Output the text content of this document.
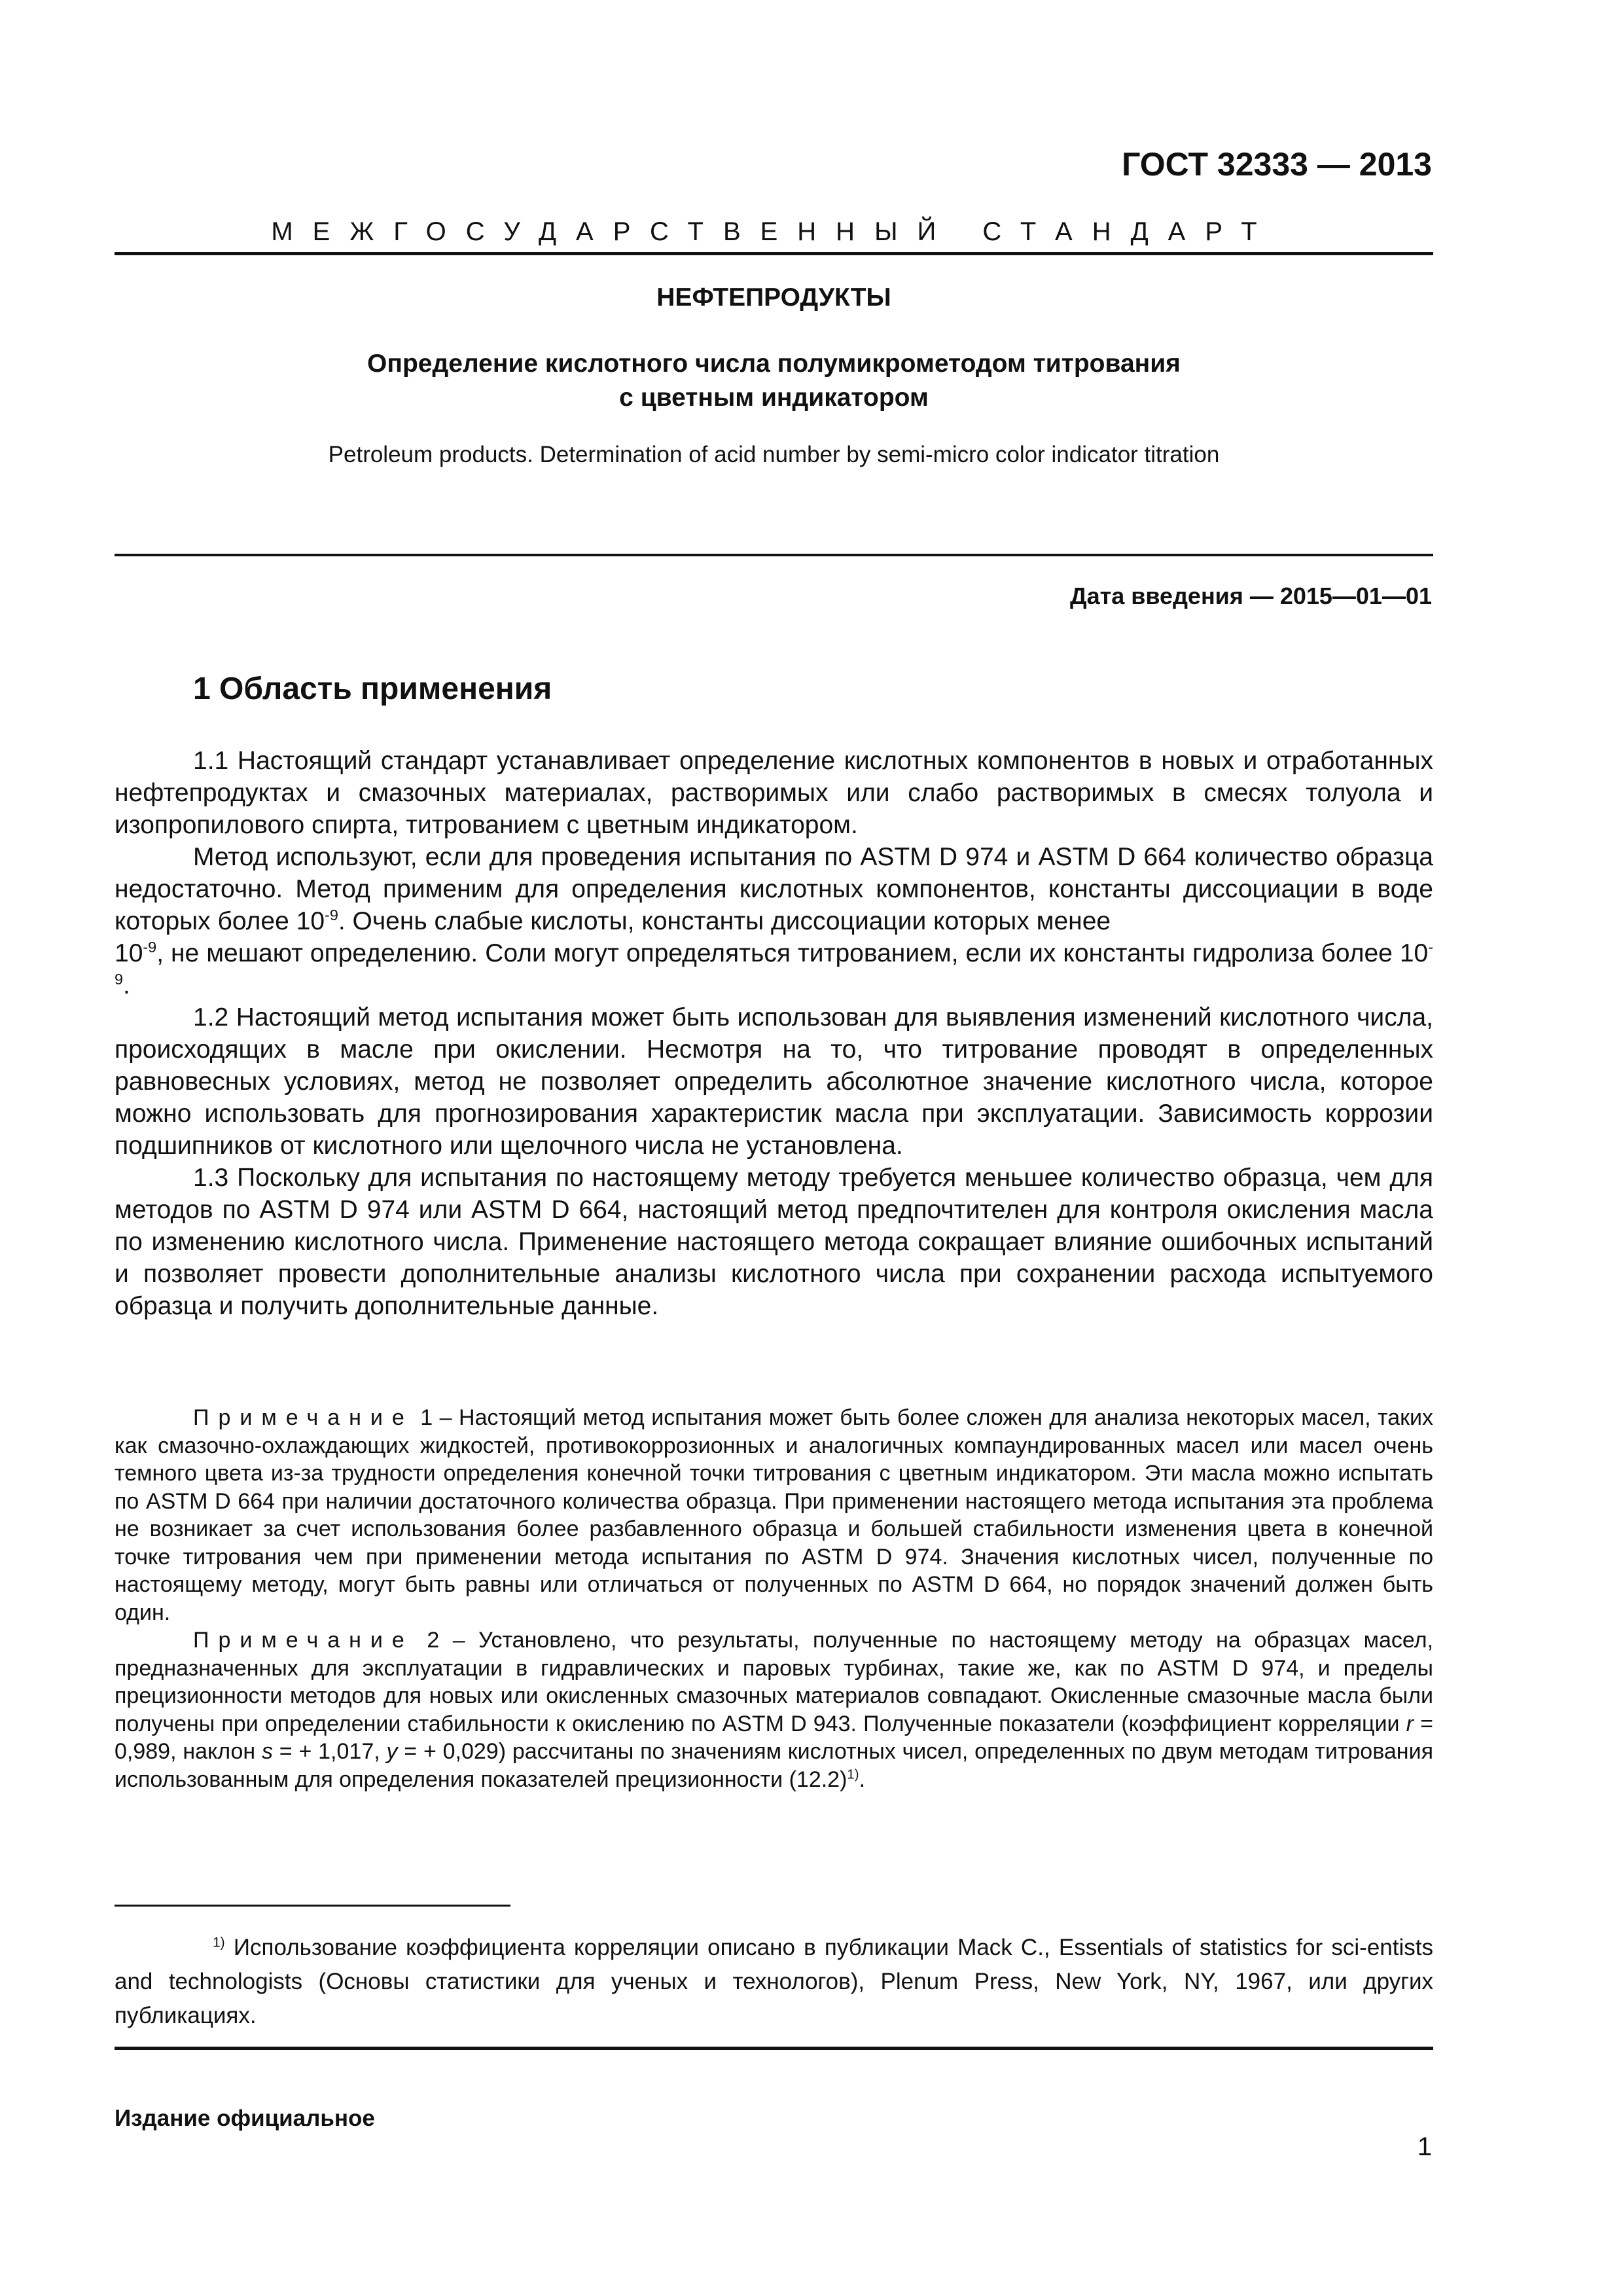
ГОСТ 32333 — 2013
МЕЖГОСУДАРСТВЕННЫЙ СТАНДАРТ
НЕФТЕПРОДУКТЫ
Определение кислотного числа полумикрометодом титрования
с цветным индикатором
Petroleum products. Determination of acid number by semi-micro color indicator titration
Дата введения — 2015—01—01
1 Область применения

1.1 Настоящий стандарт устанавливает определение кислотных компонентов в новых и отработанных нефтепродуктах и смазочных материалах, растворимых или слабо растворимых в смесях толуола и изопропилового спирта, титрованием с цветным индикатором.

Метод используют, если для проведения испытания по ASTM D 974 и ASTM D 664 количество образца недостаточно. Метод применим для определения кислотных компонентов, константы диссоциации в воде которых более $10^{-9}$. Очень слабые кислоты, константы диссоциации которых менее

$10^{-9}$, не мешают определению. Соли могут определяться титрованием, если их константы гидролиза более $10^{-9}$.

1.2 Настоящий метод испытания может быть использован для выявления изменений кислотного числа, происходящих в масле при окислении. Несмотря на то, что титрование проводят в определенных равновесных условиях, метод не позволяет определить абсолютное значение кислотного числа, которое можно использовать для прогнозирования характеристик масла при эксплуатации. Зависимость коррозии подшипников от кислотного или щелочного числа не установлена.

1.3 Поскольку для испытания по настоящему методу требуется меньшее количество образца, чем для методов по ASTM D 974 или ASTM D 664, настоящий метод предпочтителен для контроля окисления масла по изменению кислотного числа. Применение настоящего метода сокращает влияние ошибочных испытаний и позволяет провести дополнительные анализы кислотного числа при сохранении расхода испытуемого образца и получить дополнительные данные.

Примечание 1 – Настоящий метод испытания может быть более сложен для анализа некоторых масел, таких как смазочно-охлаждающих жидкостей, противокоррозионных и аналогичных компаундированных масел или масел очень темного цвета из-за трудности определения конечной точки титрования с цветным индикатором. Эти масла можно испытать по ASTM D 664 при наличии достаточного количества образца. При применении настоящего метода испытания эта проблема не возникает за счет использования более разбавленного образца и большей стабильности изменения цвета в конечной точке титрования чем при применении метода испытания по ASTM D 974. Значения кислотных чисел, полученные по настоящему методу, могут быть равны или отличаться от полученных по ASTM D 664, но порядок значений должен быть один.

Примечание 2 – Установлено, что результаты, полученные по настоящему методу на образцах масел, предназначенных для эксплуатации в гидравлических и паровых турбинах, такие же, как по ASTM D 974, и пределы прецизионности методов для новых или окисленных смазочных материалов совпадают. Окисленные смазочные масла были получены при определении стабильности к окислению по ASTM D 943. Полученные показатели (коэффициент корреляции r = 0,989, наклон s = + 1,017, y = + 0,029) рассчитаны по значениям кислотных чисел, определенных по двум методам титрования использованным для определения показателей прецизионности $(12.2)^{1)}$.

$^{1)}$ Использование коэффициента корреляции описано в публикации Mack C., Essentials of statistics for sci-entists and technologists (Основы статистики для ученых и технологов), Plenum Press, New York, NY, 1967, или других публикациях.

Издание официальное
1
